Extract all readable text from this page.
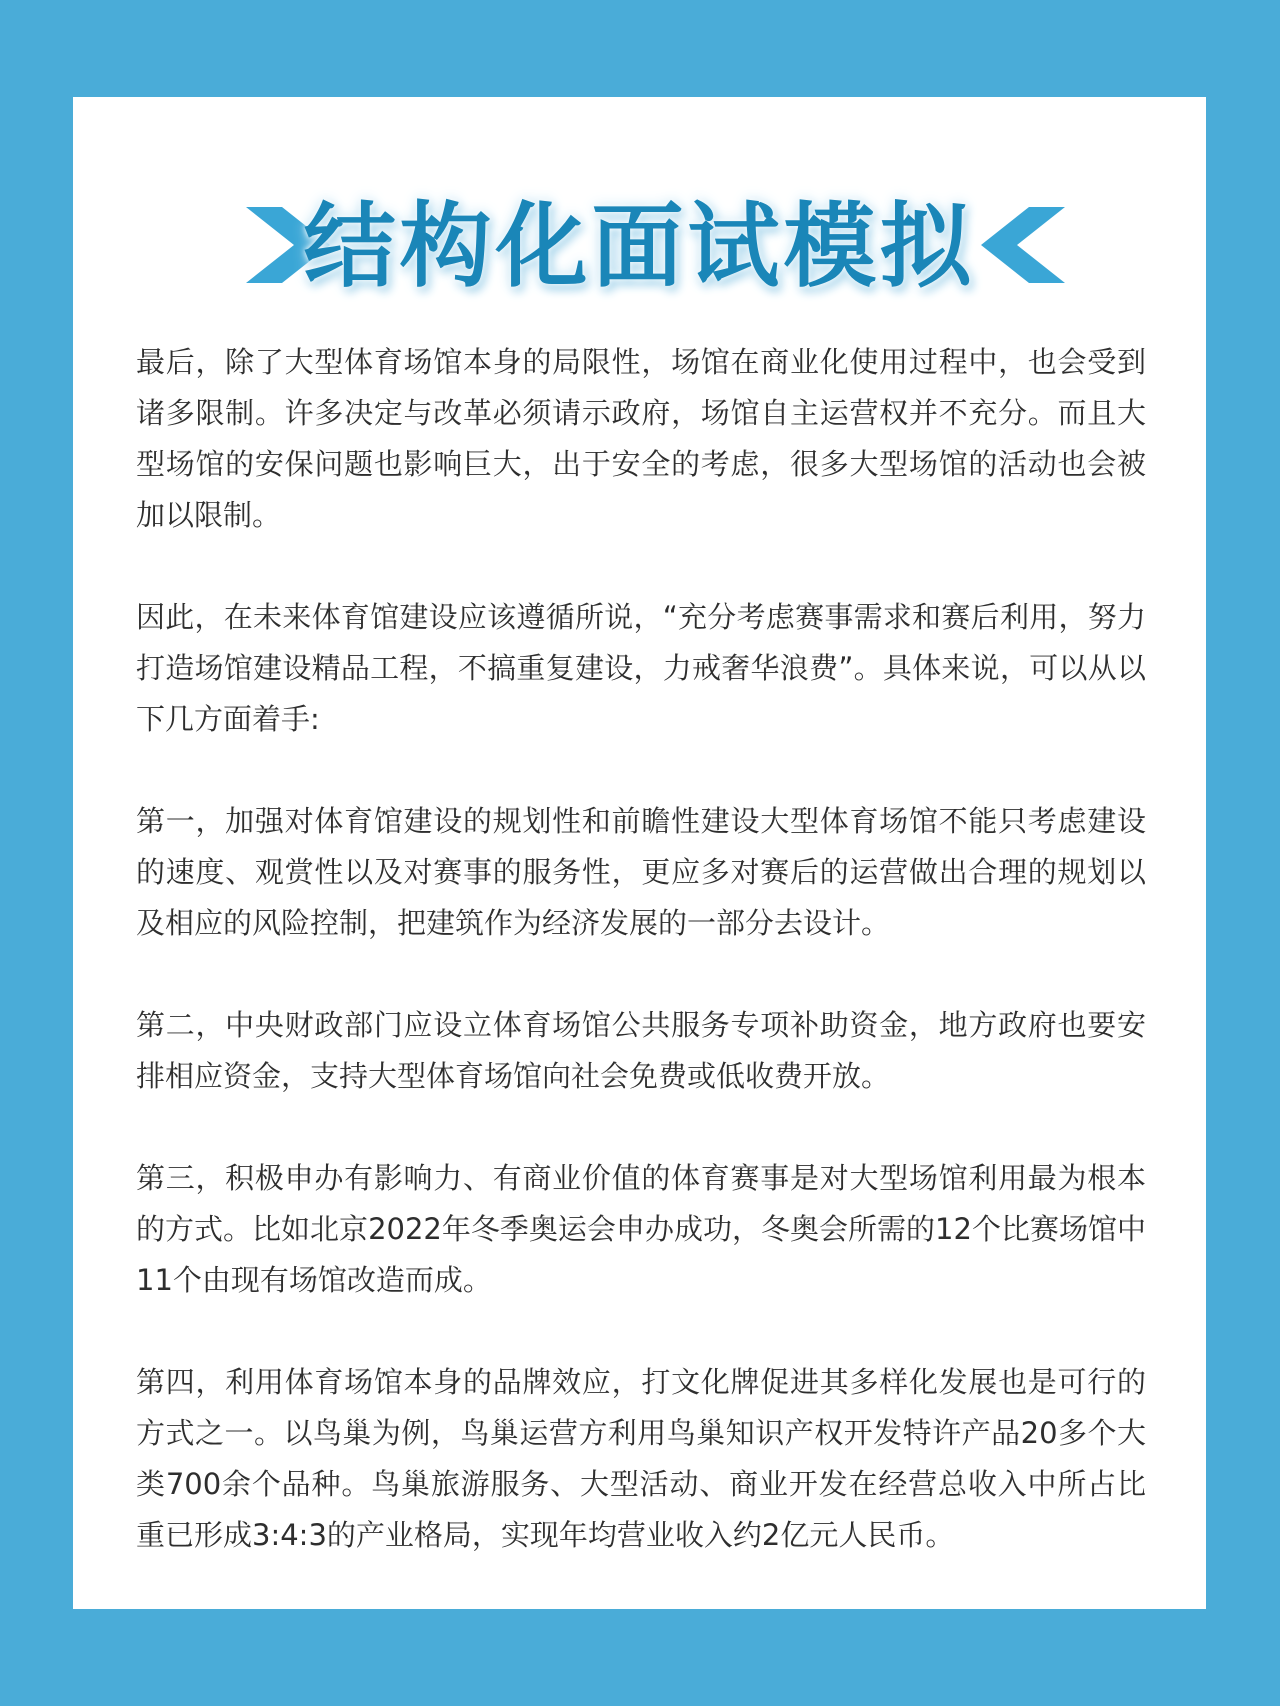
结构化面试模拟

最后，除了大型体育场馆本身的局限性，场馆在商业化使用过程中，也会受到诸多限制。许多决定与改革必须请示政府，场馆自主运营权并不充分。而且大型场馆的安保问题也影响巨大，出于安全的考虑，很多大型场馆的活动也会被加以限制。

因此，在未来体育馆建设应该遵循所说，“充分考虑赛事需求和赛后利用，努力打造场馆建设精品工程，不搞重复建设，力戒奢华浪费”。具体来说，可以从以下几方面着手:

第一，加强对体育馆建设的规划性和前瞻性建设大型体育场馆不能只考虑建设的速度、观赏性以及对赛事的服务性，更应多对赛后的运营做出合理的规划以及相应的风险控制，把建筑作为经济发展的一部分去设计。

第二，中央财政部门应设立体育场馆公共服务专项补助资金，地方政府也要安排相应资金，支持大型体育场馆向社会免费或低收费开放。

第三，积极申办有影响力、有商业价值的体育赛事是对大型场馆利用最为根本的方式。比如北京2022年冬季奥运会申办成功，冬奥会所需的12个比赛场馆中11个由现有场馆改造而成。

第四，利用体育场馆本身的品牌效应，打文化牌促进其多样化发展也是可行的方式之一。以鸟巢为例，鸟巢运营方利用鸟巢知识产权开发特许产品20多个大类700余个品种。鸟巢旅游服务、大型活动、商业开发在经营总收入中所占比重已形成3:4:3的产业格局，实现年均营业收入约2亿元人民币。
